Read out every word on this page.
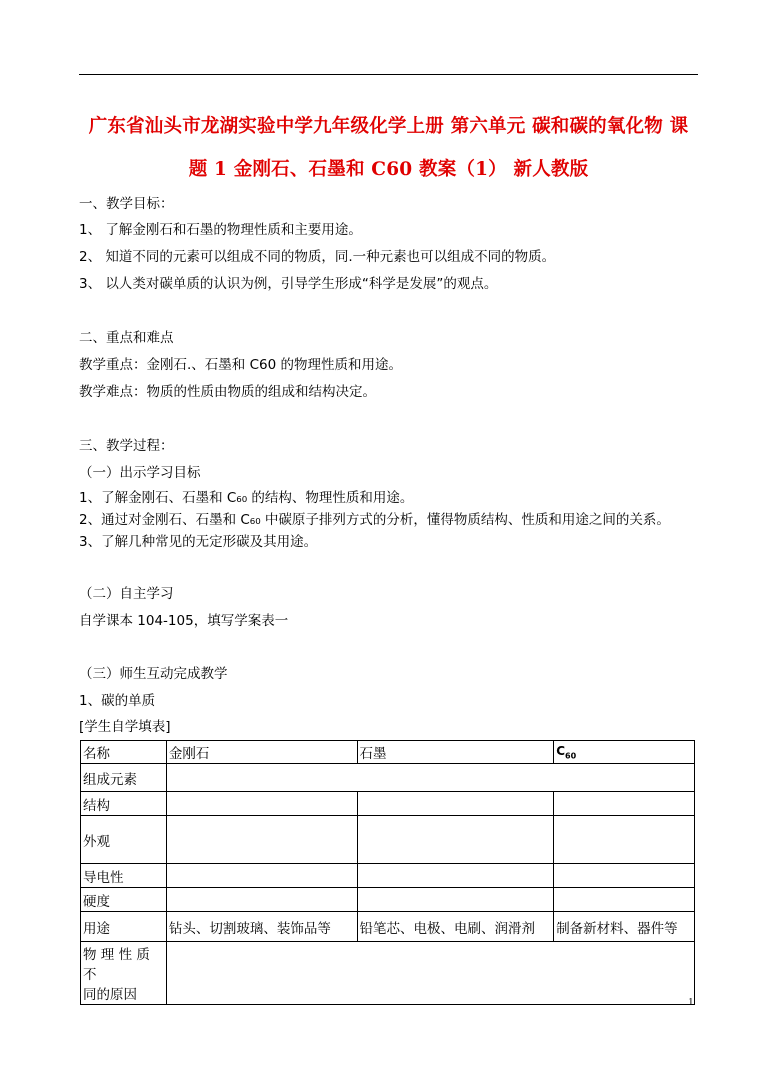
广东省汕头市龙湖实验中学九年级化学上册 第六单元 碳和碳的氧化物 课
题 1 金刚石、石墨和 C60 教案（1） 新人教版
一、教学目标：
1、 了解金刚石和石墨的物理性质和主要用途。
2、 知道不同的元素可以组成不同的物质，同.一种元素也可以组成不同的物质。
3、 以人类对碳单质的认识为例，引导学生形成“科学是发展”的观点。
二、重点和难点
教学重点：金刚石.、石墨和 C60 的物理性质和用途。
教学难点：物质的性质由物质的组成和结构决定。
三、教学过程：
（一）出示学习目标
1、了解金刚石、石墨和 C₆₀ 的结构、物理性质和用途。
2、通过对金刚石、石墨和 C₆₀ 中碳原子排列方式的分析，懂得物质结构、性质和用途之间的关系。
3、了解几种常见的无定形碳及其用途。
（二）自主学习
自学课本 104-105，填写学案表一
（三）师生互动完成教学
1、碳的单质
[学生自学填表]
名称	金刚石	石墨	$C_{60}$
组成元素			
结构			
外观			
导电性			
硬度			
用途	钻头、切割玻璃、装饰品等	铅笔芯、电极、电刷、润滑剂	制备新材料、器件等

物 理 性 质 不
同的原因			
		1
